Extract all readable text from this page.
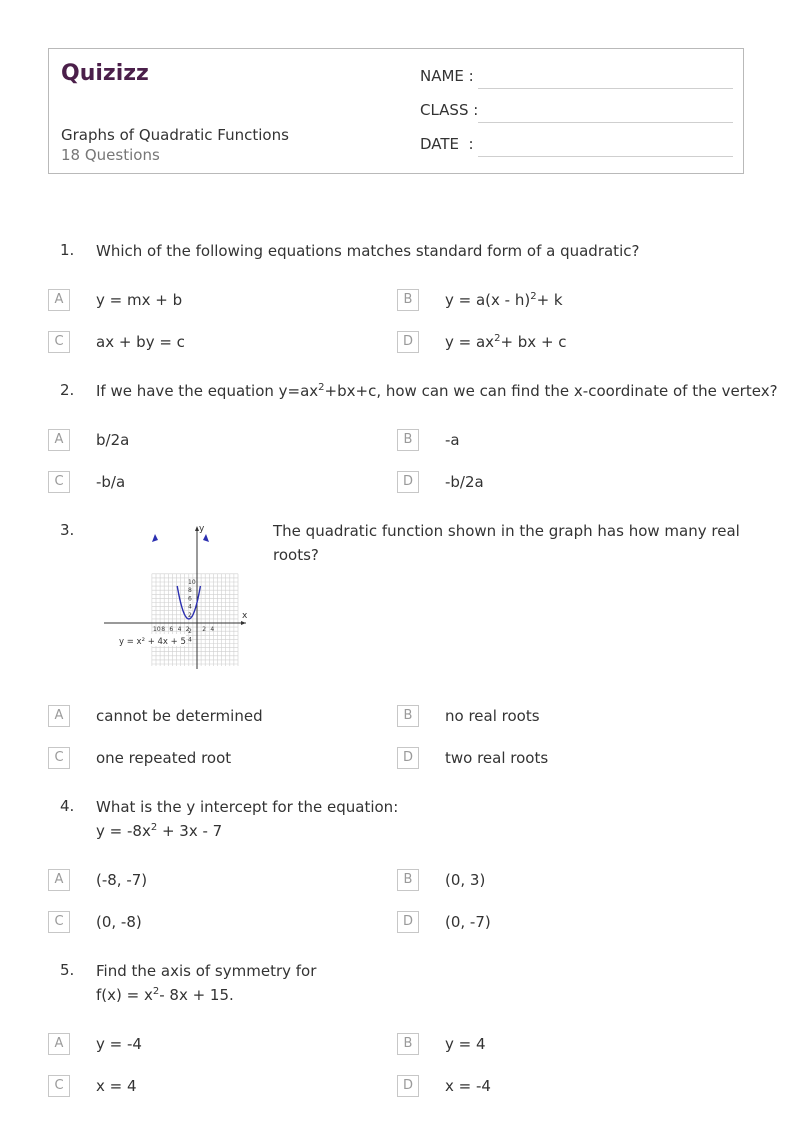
Quizizz
Graphs of Quadratic Functions
18 Questions
NAME :
CLASS :
DATE  :
1. Which of the following equations matches standard form of a quadratic?
A	y = mx + b	B	y = a(x - h)$^2$+ k
C	ax + by = c	D	$y = ax^2+$ bx + c
2. If we have the equation $y=ax^2+bx+c$, how can we can find the x-coordinate of the vertex?
A	b/2a	B	-a
C	-b/a	D	-b/2a
3.	The quadratic function shown in the graph has how many real roots?
x
y
10 8 6 4 2 2 4
10
8
6
4
2
2
4
y = x² + 4x + 5
A	cannot be determined	B	no real roots
C	one repeated root	D	two real roots
4. What is the y intercept for the equation:
$y = -8x^2 + 3x - 7$
A	(-8, -7)	B	(0, 3)
C	(0, -8)	D	(0, -7)
5. Find the axis of symmetry for
$f(x) = x^2-$ 8x + 15.
A	y = -4	B	y = 4
C	x = 4	D	x = -4
